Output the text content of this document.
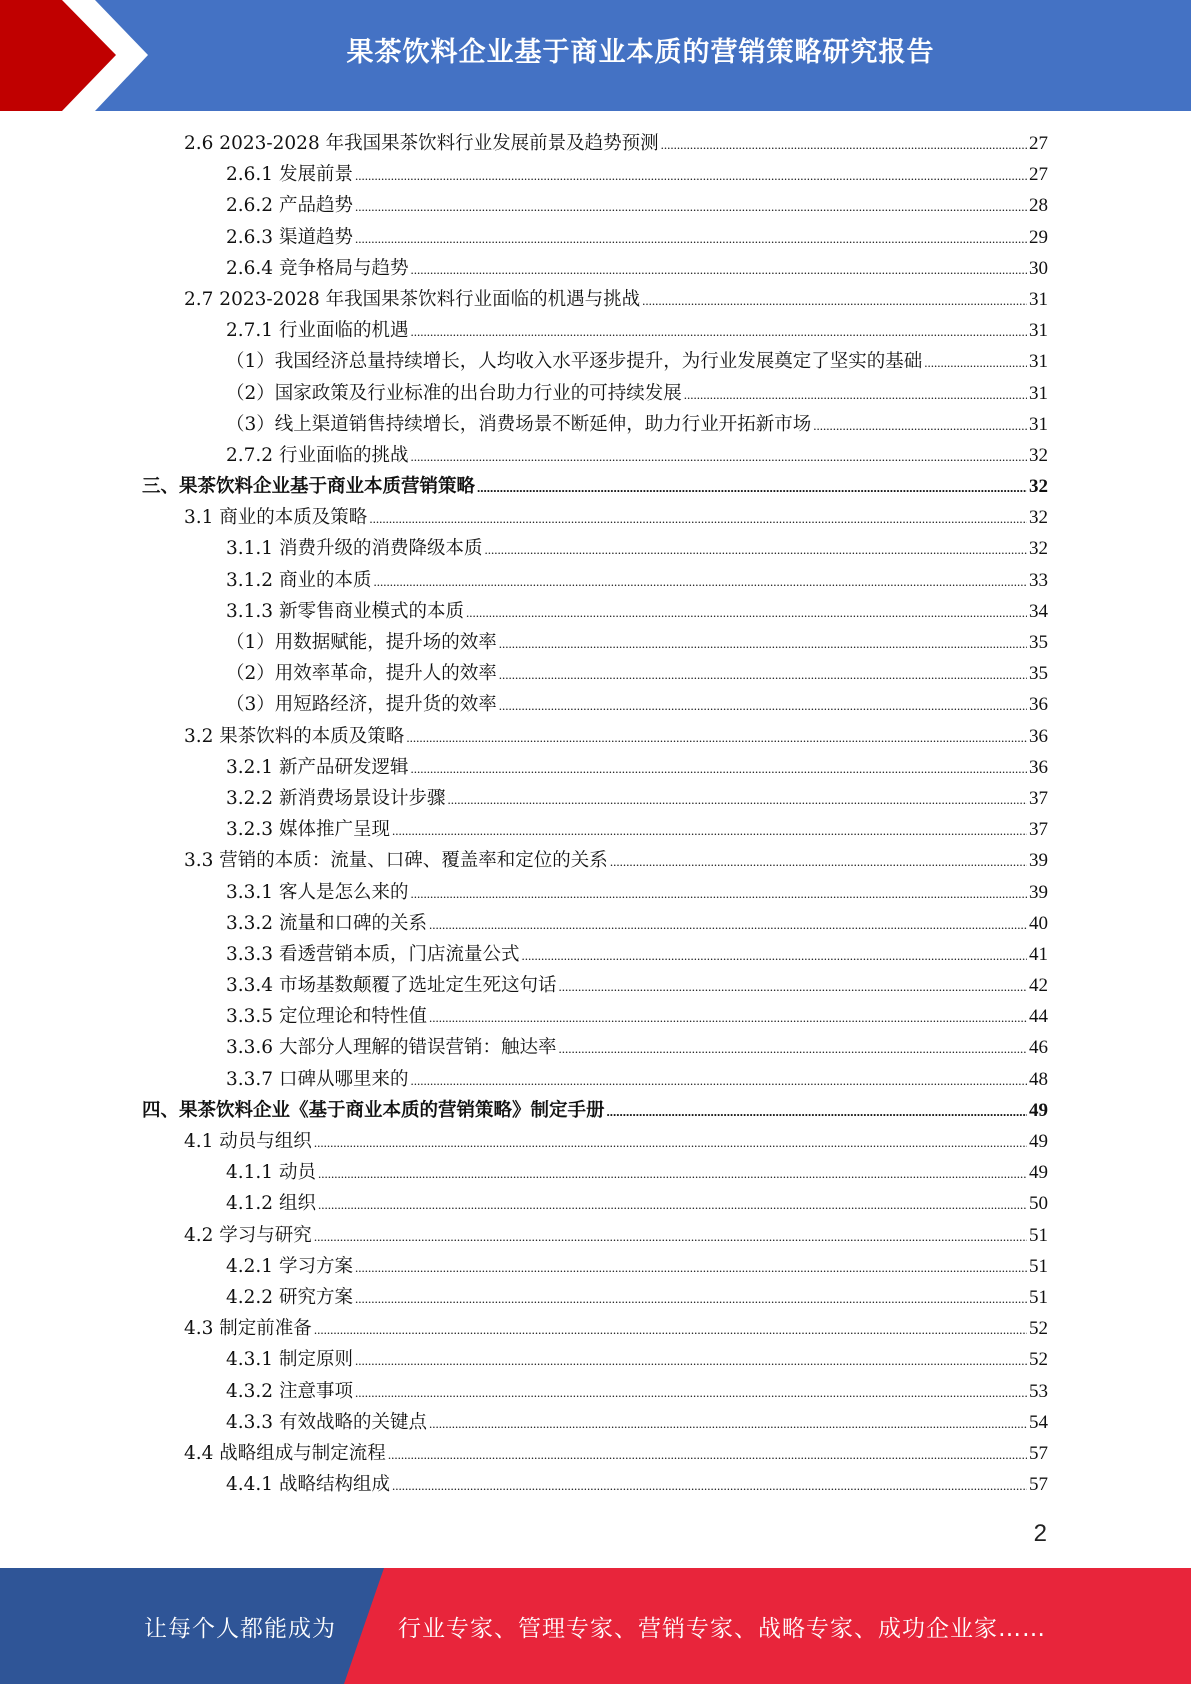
果茶饮料企业基于商业本质的营销策略研究报告
2.6 2023-2028 年我国果茶饮料行业发展前景及趋势预测 .....	27
2.6.1 发展前景 .....	27
2.6.2 产品趋势 .....	28
2.6.3 渠道趋势 .....	29
2.6.4 竞争格局与趋势 .....	30
2.7 2023-2028 年我国果茶饮料行业面临的机遇与挑战 .....	31
2.7.1 行业面临的机遇 .....	31
（1）我国经济总量持续增长，人均收入水平逐步提升，为行业发展奠定了坚实的基础 .....	31
（2）国家政策及行业标准的出台助力行业的可持续发展 .....	31
（3）线上渠道销售持续增长，消费场景不断延伸，助力行业开拓新市场 .....	31
2.7.2 行业面临的挑战 .....	32
三、果茶饮料企业基于商业本质营销策略 .....	32
3.1 商业的本质及策略 .....	32
3.1.1 消费升级的消费降级本质 .....	32
3.1.2 商业的本质 .....	33
3.1.3 新零售商业模式的本质 .....	34
（1）用数据赋能，提升场的效率 .....	35
（2）用效率革命，提升人的效率 .....	35
（3）用短路经济，提升货的效率 .....	36
3.2 果茶饮料的本质及策略 .....	36
3.2.1 新产品研发逻辑 .....	36
3.2.2 新消费场景设计步骤 .....	37
3.2.3 媒体推广呈现 .....	37
3.3 营销的本质：流量、口碑、覆盖率和定位的关系 .....	39
3.3.1 客人是怎么来的 .....	39
3.3.2 流量和口碑的关系 .....	40
3.3.3 看透营销本质，门店流量公式 .....	41
3.3.4 市场基数颠覆了选址定生死这句话 .....	42
3.3.5 定位理论和特性值 .....	44
3.3.6 大部分人理解的错误营销：触达率 .....	46
3.3.7 口碑从哪里来的 .....	48
四、果茶饮料企业《基于商业本质的营销策略》制定手册 .....	49
4.1 动员与组织 .....	49
4.1.1 动员 .....	49
4.1.2 组织 .....	50
4.2 学习与研究 .....	51
4.2.1 学习方案 .....	51
4.2.2 研究方案 .....	51
4.3 制定前准备 .....	52
4.3.1 制定原则 .....	52
4.3.2 注意事项 .....	53
4.3.3 有效战略的关键点 .....	54
4.4 战略组成与制定流程 .....	57
4.4.1 战略结构组成 .....	57
2
让每个人都能成为	行业专家、管理专家、营销专家、战略专家、成功企业家……
